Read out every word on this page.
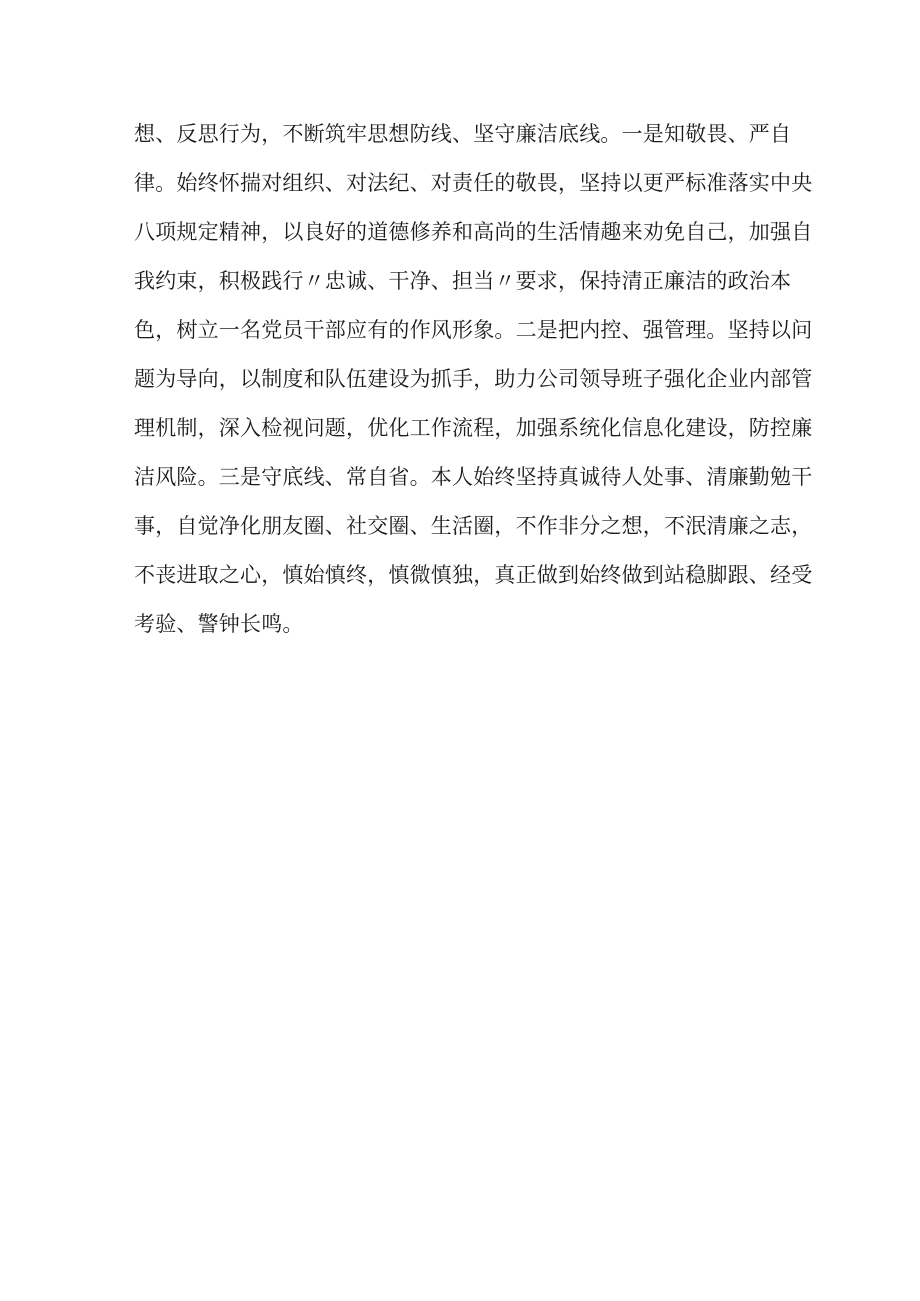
想、反思行为，不断筑牢思想防线、坚守廉洁底线。一是知敬畏、严自
律。始终怀揣对组织、对法纪、对责任的敬畏，坚持以更严标准落实中央
八项规定精神，以良好的道德修养和高尚的生活情趣来劝免自己，加强自
我约束，积极践行〃忠诚、干净、担当〃要求，保持清正廉洁的政治本
色，树立一名党员干部应有的作风形象。二是把内控、强管理。坚持以问
题为导向，以制度和队伍建设为抓手，助力公司领导班子强化企业内部管
理机制，深入检视问题，优化工作流程，加强系统化信息化建设，防控廉
洁风险。三是守底线、常自省。本人始终坚持真诚待人处事、清廉勤勉干
事，自觉净化朋友圈、社交圈、生活圈，不作非分之想，不泯清廉之志，
不丧进取之心，慎始慎终，慎微慎独，真正做到始终做到站稳脚跟、经受
考验、警钟长鸣。
